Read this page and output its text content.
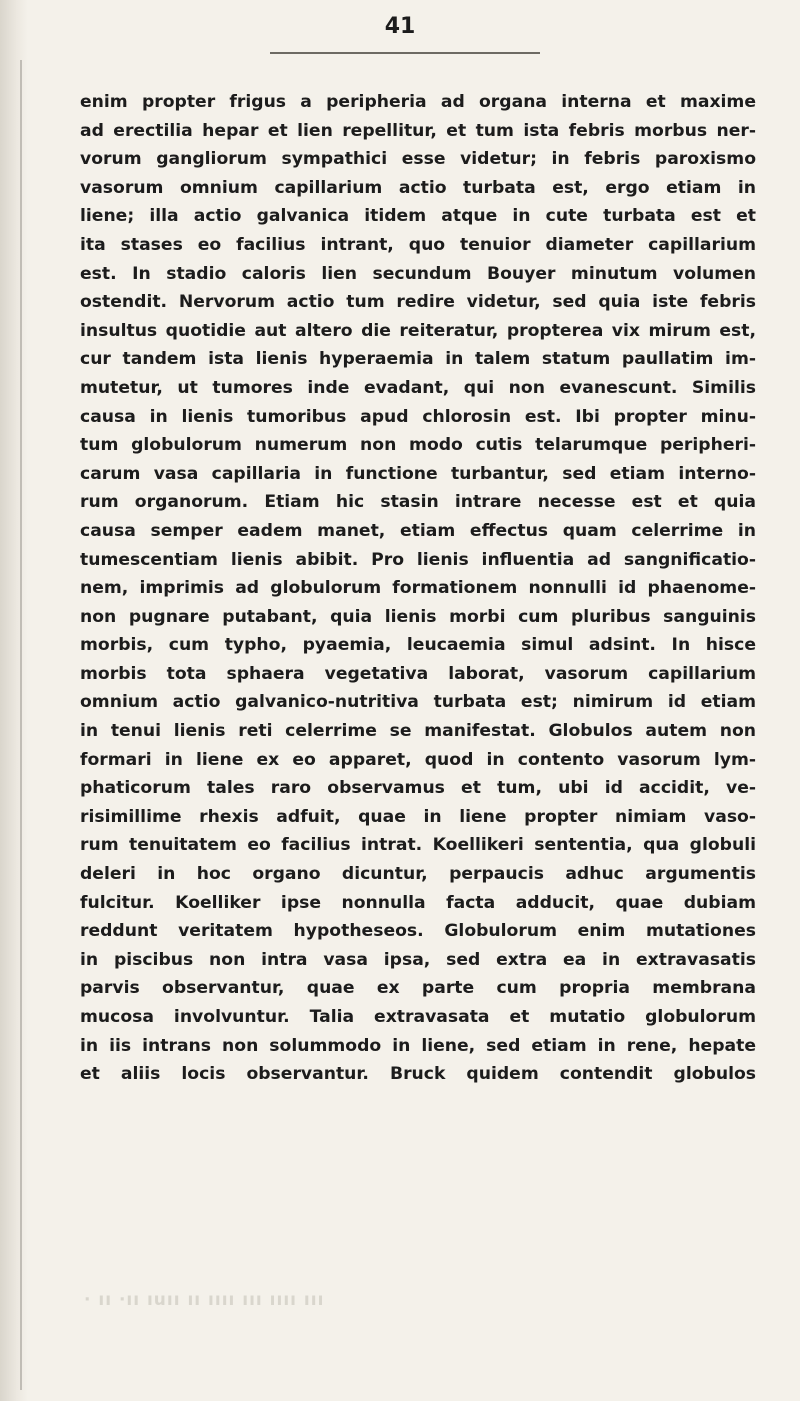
41
enim propter frigus a peripheria ad organa interna et maxime
ad erectilia hepar et lien repellitur, et tum ista febris morbus ner-
vorum gangliorum sympathici esse videtur; in febris paroxismo
vasorum omnium capillarium actio turbata est, ergo etiam in
liene; illa actio galvanica itidem atque in cute turbata est et
ita stases eo facilius intrant, quo tenuior diameter capillarium
est. In stadio caloris lien secundum Bouyer minutum volumen
ostendit. Nervorum actio tum redire videtur, sed quia iste febris
insultus quotidie aut altero die reiteratur, propterea vix mirum est,
cur tandem ista lienis hyperaemia in talem statum paullatim im-
mutetur, ut tumores inde evadant, qui non evanescunt. Similis
causa in lienis tumoribus apud chlorosin est. Ibi propter minu-
tum globulorum numerum non modo cutis telarumque peripheri-
carum vasa capillaria in functione turbantur, sed etiam interno-
rum organorum. Etiam hic stasin intrare necesse est et quia
causa semper eadem manet, etiam effectus quam celerrime in
tumescentiam lienis abibit. Pro lienis influentia ad sangnificatio-
nem, imprimis ad globulorum formationem nonnulli id phaenome-
non pugnare putabant, quia lienis morbi cum pluribus sanguinis
morbis, cum typho, pyaemia, leucaemia simul adsint. In hisce
morbis tota sphaera vegetativa laborat, vasorum capillarium
omnium actio galvanico-nutritiva turbata est; nimirum id etiam
in tenui lienis reti celerrime se manifestat. Globulos autem non
formari in liene ex eo apparet, quod in contento vasorum lym-
phaticorum tales raro observamus et tum, ubi id accidit, ve-
risimillime rhexis adfuit, quae in liene propter nimiam vaso-
rum tenuitatem eo facilius intrat. Koellikeri sententia, qua globuli
deleri in hoc organo dicuntur, perpaucis adhuc argumentis
fulcitur. Koelliker ipse nonnulla facta adducit, quae dubiam
reddunt veritatem hypotheseos. Globulorum enim mutationes
in piscibus non intra vasa ipsa, sed extra ea in extravasatis
parvis observantur, quae ex parte cum propria membrana
mucosa involvuntur. Talia extravasata et mutatio globulorum
in iis intrans non solummodo in liene, sed etiam in rene, hepate
et aliis locis observantur. Bruck quidem contendit globulos
· ıı ·ıı ıuıı ıı ıııı ııı ıııı ııı
